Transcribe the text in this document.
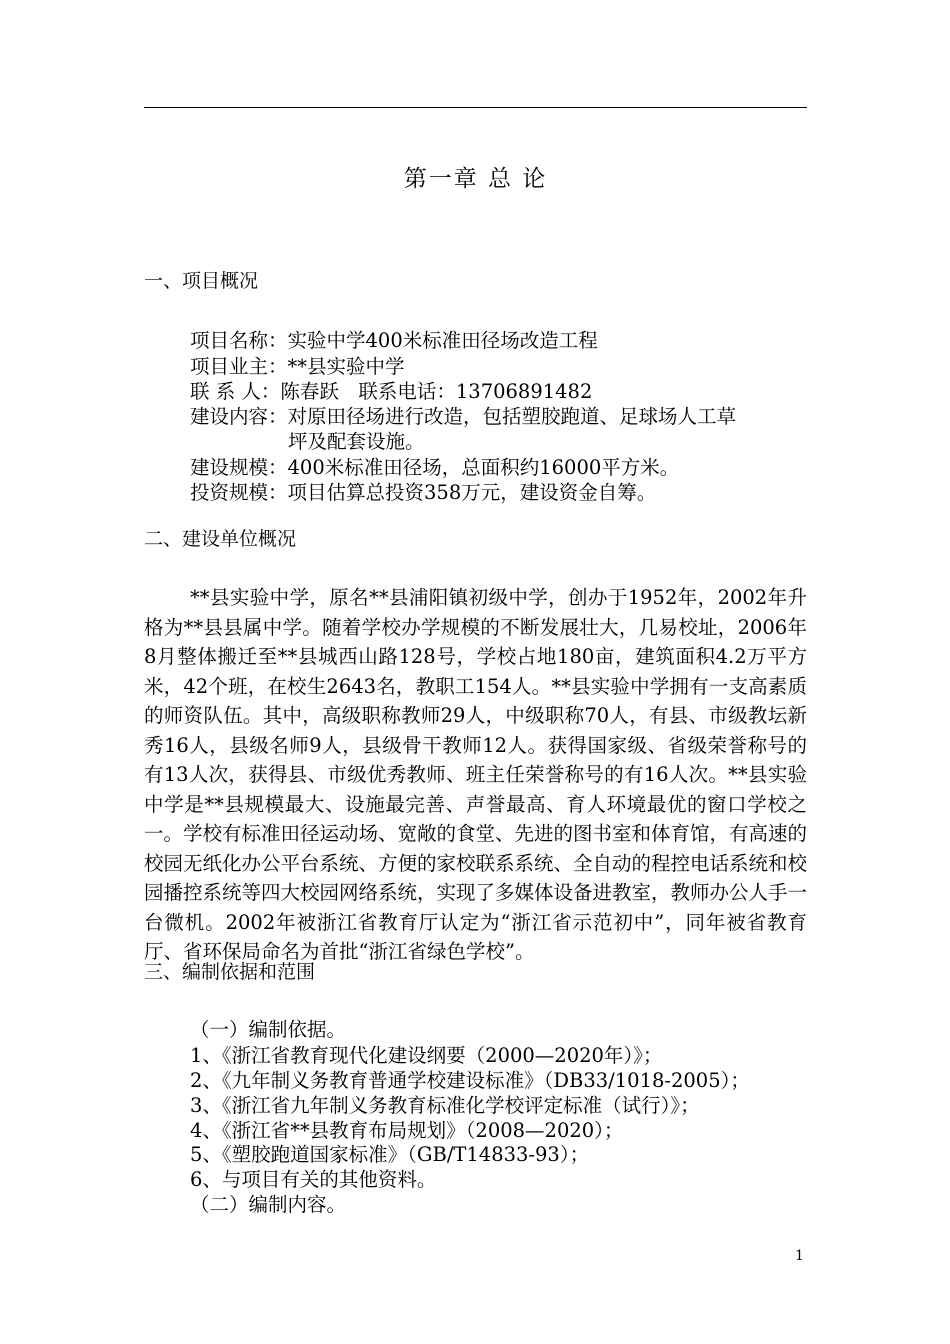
第一章 总 论
一、项目概况
项目名称：实验中学400米标准田径场改造工程
项目业主：**县实验中学
联 系 人：陈春跃　联系电话：13706891482
建设内容：对原田径场进行改造，包括塑胶跑道、足球场人工草
坪及配套设施。
建设规模：400米标准田径场，总面积约16000平方米。
投资规模：项目估算总投资358万元，建设资金自筹。
二、建设单位概况
**县实验中学，原名**县浦阳镇初级中学，创办于1952年，2002年升格为**县县属中学。随着学校办学规模的不断发展壮大，几易校址，2006年8月整体搬迁至**县城西山路128号，学校占地180亩，建筑面积4.2万平方米，42个班，在校生2643名，教职工154人。**县实验中学拥有一支高素质的师资队伍。其中，高级职称教师29人，中级职称70人，有县、市级教坛新秀16人，县级名师9人，县级骨干教师12人。获得国家级、省级荣誉称号的有13人次，获得县、市级优秀教师、班主任荣誉称号的有16人次。**县实验中学是**县规模最大、设施最完善、声誉最高、育人环境最优的窗口学校之一。学校有标准田径运动场、宽敞的食堂、先进的图书室和体育馆，有高速的校园无纸化办公平台系统、方便的家校联系系统、全自动的程控电话系统和校园播控系统等四大校园网络系统，实现了多媒体设备进教室，教师办公人手一台微机。2002年被浙江省教育厅认定为“浙江省示范初中”，同年被省教育厅、省环保局命名为首批“浙江省绿色学校”。
三、编制依据和范围
（一）编制依据。
1、《浙江省教育现代化建设纲要（2000—2020年）》；
2、《九年制义务教育普通学校建设标准》（DB33/1018-2005）；
3、《浙江省九年制义务教育标准化学校评定标准（试行）》；
4、《浙江省**县教育布局规划》（2008—2020）；
5、《塑胶跑道国家标准》（GB/T14833-93）；
6、与项目有关的其他资料。
（二）编制内容。
1
